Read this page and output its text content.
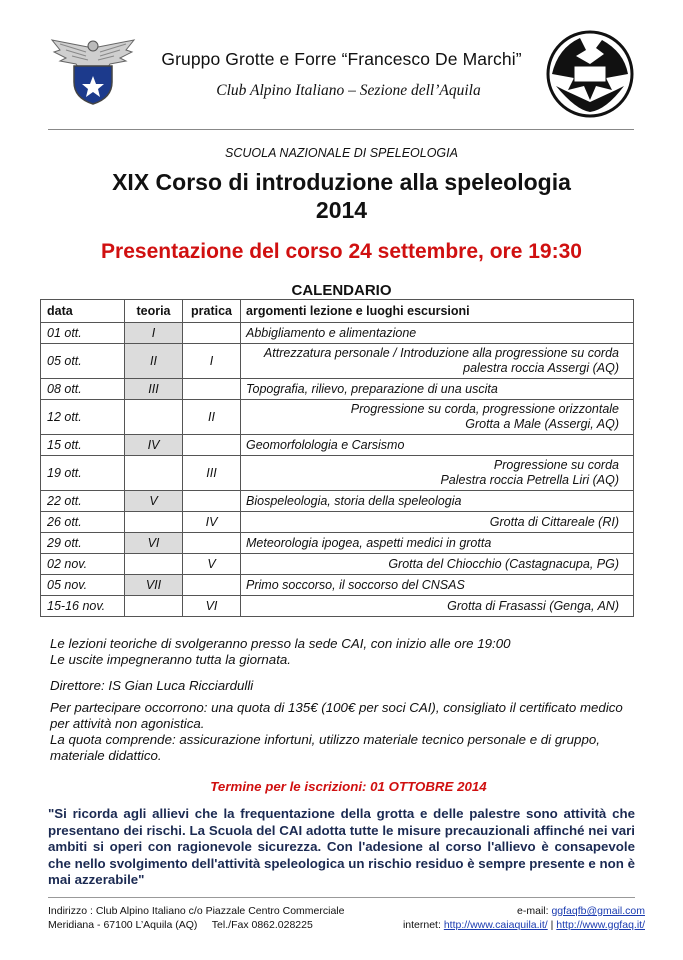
Gruppo Grotte e Forre “Francesco De Marchi”
Club Alpino Italiano – Sezione dell’Aquila
SCUOLA NAZIONALE DI SPELEOLOGIA
XIX Corso di introduzione alla speleologia
2014
Presentazione del corso 24 settembre, ore 19:30
CALENDARIO
data	teoria	pratica	argomenti lezione e luoghi escursioni
01 ott.	I		Abbigliamento e alimentazione

05 ott.	II	I	Attrezzatura personale / Introduzione alla progressione su corda
palestra roccia Assergi (AQ)

08 ott.	III		Topografia, rilievo, preparazione di una uscita

12 ott.		II	Progressione su corda, progressione orizzontale
Grotta a Male (Assergi, AQ)

15 ott.	IV		Geomorfolologia e Carsismo

19 ott.		III	Progressione su corda
Palestra roccia Petrella Liri (AQ)

22 ott.	V		Biospeleologia, storia della speleologia

26 ott.		IV	Grotta di Cittareale (RI)

29 ott.	VI		Meteorologia ipogea, aspetti medici in grotta

02 nov.		V	Grotta del Chiocchio (Castagnacupa, PG)

05 nov.	VII		Primo soccorso, il soccorso del CNSAS

15-16 nov.		VI	Grotta di Frasassi (Genga, AN)
Le lezioni teoriche di svolgeranno presso la sede CAI, con inizio alle ore 19:00
Le uscite impegneranno tutta la giornata.
Direttore: IS Gian Luca Ricciardulli
Per partecipare occorrono: una quota di 135€ (100€ per soci CAI), consigliato il certificato medico per attività non agonistica.
La quota comprende: assicurazione infortuni, utilizzo materiale tecnico personale e di gruppo, materiale didattico.
Termine per le iscrizioni: 01 OTTOBRE 2014
"Si ricorda agli allievi che la frequentazione della grotta e delle palestre sono attività che presentano dei rischi. La Scuola del CAI adotta tutte le misure precauzionali affinché nei vari ambiti si operi con ragionevole sicurezza. Con l'adesione al corso l'allievo è consapevole che nello svolgimento dell'attività speleologica un rischio residuo è sempre presente e non è mai azzerabile"
Indirizzo : Club Alpino Italiano c/o Piazzale Centro Commerciale
Meridiana - 67100 L’Aquila (AQ)     Tel./Fax 0862.028225
e-mail: ggfaqfb@gmail.com
internet: http://www.caiaquila.it/ | http://www.ggfaq.it/
